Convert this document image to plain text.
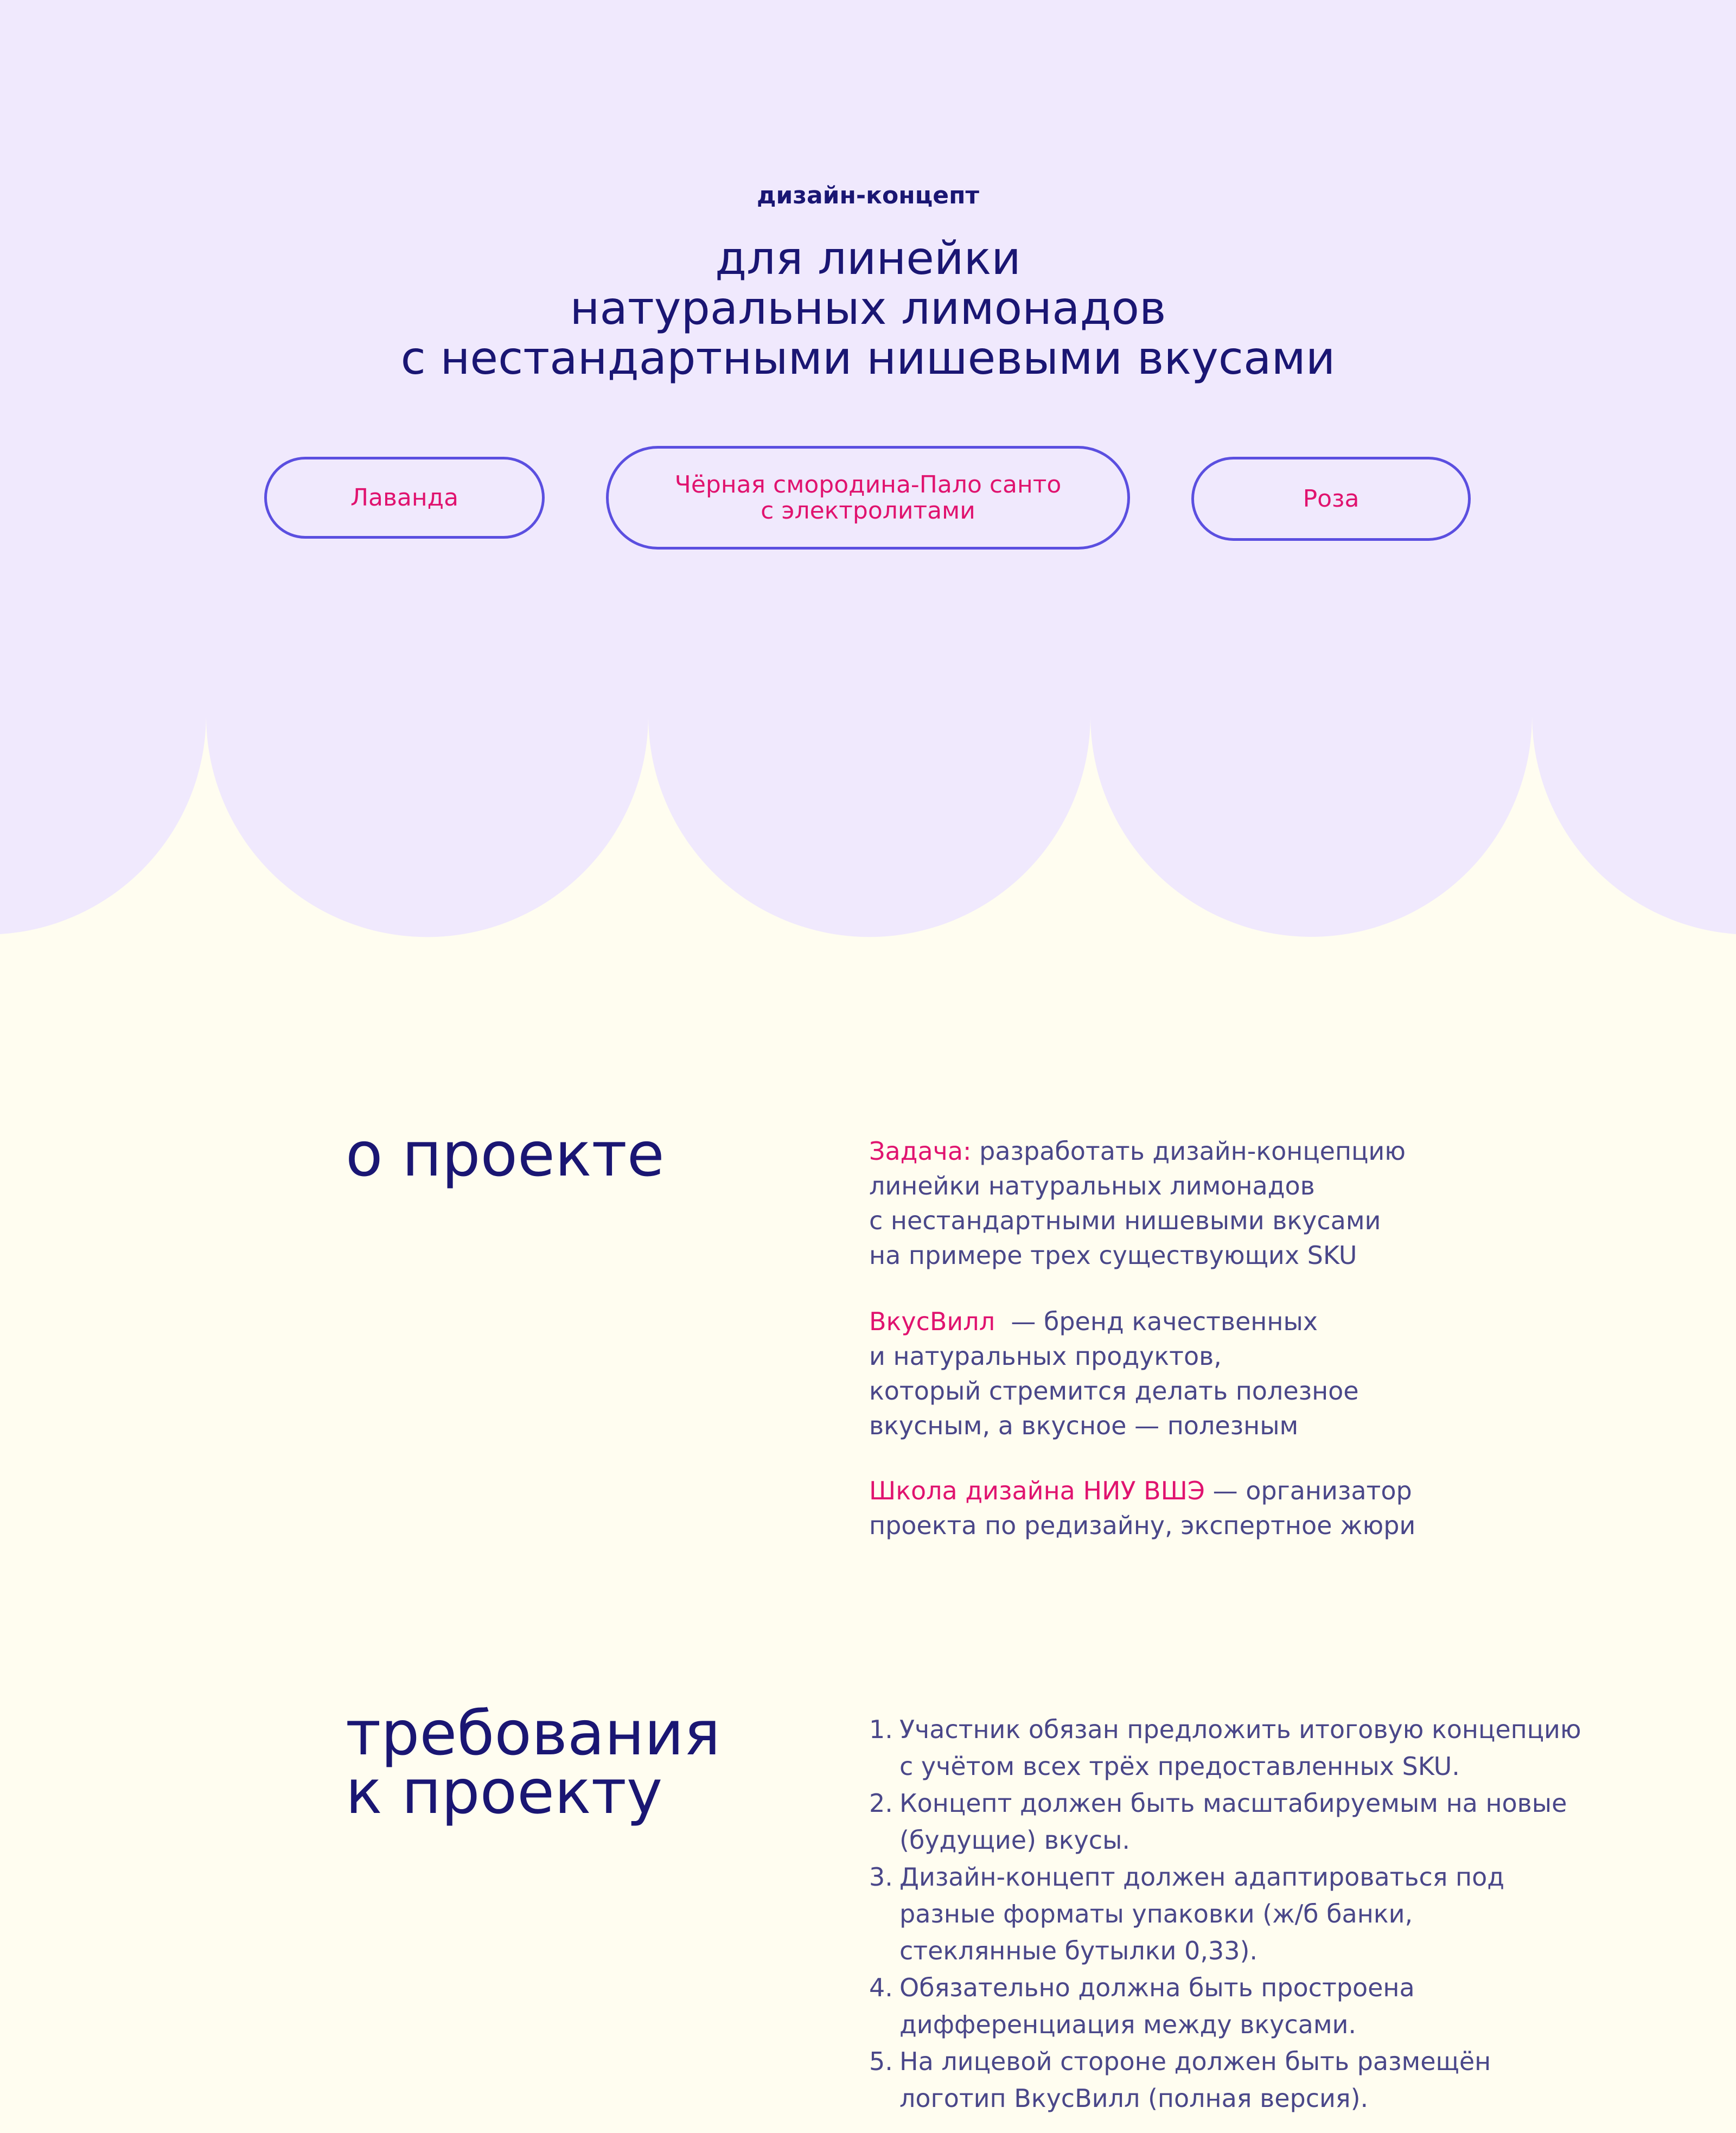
дизайн-концепт
для линейки
натуральных лимонадов
с нестандартными нишевыми вкусами
Лаванда	Чёрная смородина-Пало санто
с электролитами	Роза
о проекте	Задача: разработать дизайн-концепцию
линейки натуральных лимонадов
с нестандартными нишевыми вкусами
на примере трех существующих SKU

ВкусВилл  — бренд качественных
и натуральных продуктов,
который стремится делать полезное
вкусным, а вкусное — полезным

Школа дизайна НИУ ВШЭ — организатор
проекта по редизайну, экспертное жюри

требования
к проекту
1. Участник обязан предложить итоговую концепцию
с учётом всех трёх предоставленных SKU.
2. Концепт должен быть масштабируемым на новые
(будущие) вкусы.
3. Дизайн-концепт должен адаптироваться под
разные форматы упаковки (ж/б банки,
стеклянные бутылки 0,33).
4. Обязательно должна быть простроена
дифференциация между вкусами.
5. На лицевой стороне должен быть размещён
логотип ВкусВилл (полная версия).
